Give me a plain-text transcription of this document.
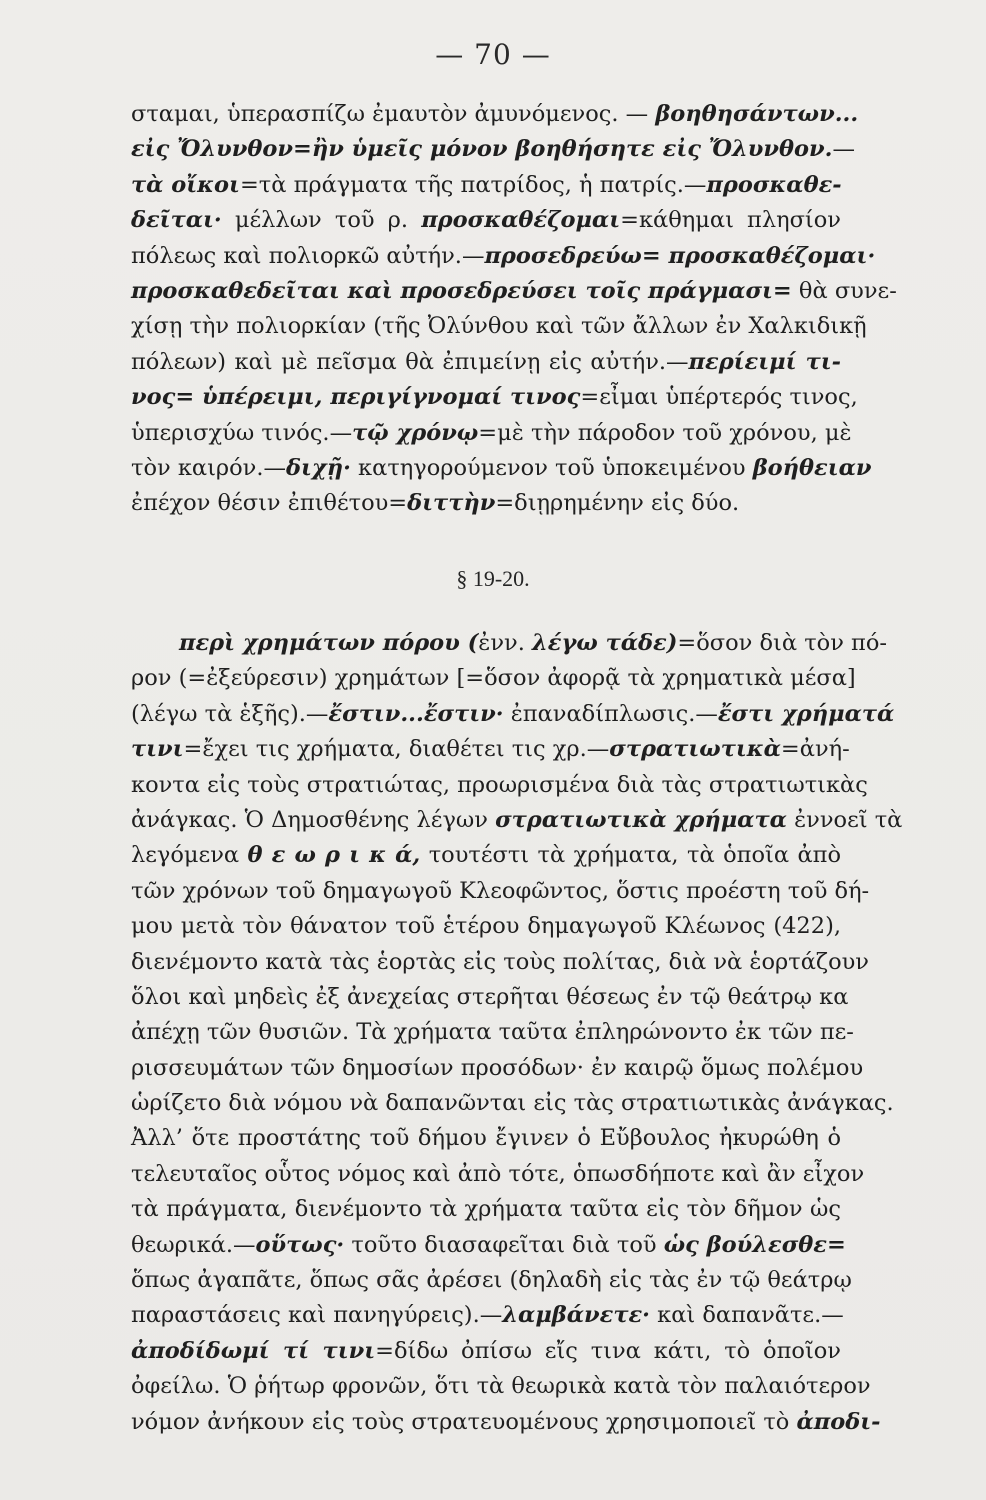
— 70 —
σταμαι, ὑπερασπίζω ἐμαυτὸν ἀμυνόμενος. — βοηθησάντων...
εἰς Ὄλυνθον=ἢν ὑμεῖς μόνον βοηθήσητε εἰς Ὄλυνθον.—
τὰ οἴκοι=τὰ πράγματα τῆς πατρίδος, ἡ πατρίς.—προσκαθε-
δεῖται· μέλλων τοῦ ρ. προσκαθέζομαι=κάθημαι πλησίον
πόλεως καὶ πολιορκῶ αὐτήν.—προσεδρεύω= προσκαθέζομαι·
προσκαθεδεῖται καὶ προσεδρεύσει τοῖς πράγμασι= θὰ συνε-
χίσῃ τὴν πολιορκίαν (τῆς Ὀλύνθου καὶ τῶν ἄλλων ἐν Χαλκιδικῇ
πόλεων) καὶ μὲ πεῖσμα θὰ ἐπιμείνῃ εἰς αὐτήν.—περίειμί τι-
νος= ὑπέρειμι, περιγίγνομαί τινος=εἶμαι ὑπέρτερός τινος,
ὑπερισχύω τινός.—τῷ χρόνῳ=μὲ τὴν πάροδον τοῦ χρόνου, μὲ
τὸν καιρόν.—διχῇ· κατηγορούμενον τοῦ ὑποκειμένου βοήθειαν
ἐπέχον θέσιν ἐπιθέτου=διττὴν=διῃρημένην εἰς δύο.
§ 19-20.
περὶ χρημάτων πόρου (ἐνν. λέγω τάδε)=ὅσον διὰ τὸν πό-
ρον (=ἐξεύρεσιν) χρημάτων [=ὅσον ἀφορᾷ τὰ χρηματικὰ μέσα]
(λέγω τὰ ἑξῆς).—ἔστιν...ἔστιν· ἐπαναδίπλωσις.—ἔστι χρήματά
τινι=ἔχει τις χρήματα, διαθέτει τις χρ.—στρατιωτικὰ=ἀνή-
κοντα εἰς τοὺς στρατιώτας, προωρισμένα διὰ τὰς στρατιωτικὰς
ἀνάγκας. Ὁ Δημοσθένης λέγων στρατιωτικὰ χρήματα ἐννοεῖ τὰ
λεγόμενα θ ε ω ρ ι κ ά, τουτέστι τὰ χρήματα, τὰ ὁποῖα ἀπὸ
τῶν χρόνων τοῦ δημαγωγοῦ Κλεοφῶντος, ὅστις προέστη τοῦ δή-
μου μετὰ τὸν θάνατον τοῦ ἑτέρου δημαγωγοῦ Κλέωνος (422),
διενέμοντο κατὰ τὰς ἑορτὰς εἰς τοὺς πολίτας, διὰ νὰ ἑορτάζουν
ὅλοι καὶ μηδεὶς ἐξ ἀνεχείας στερῆται θέσεως ἐν τῷ θεάτρῳ κα
ἀπέχῃ τῶν θυσιῶν. Τὰ χρήματα ταῦτα ἐπληρώνοντο ἐκ τῶν πε-
ρισσευμάτων τῶν δημοσίων προσόδων· ἐν καιρῷ ὅμως πολέμου
ὡρίζετο διὰ νόμου νὰ δαπανῶνται εἰς τὰς στρατιωτικὰς ἀνάγκας.
Ἀλλ’ ὅτε προστάτης τοῦ δήμου ἔγινεν ὁ Εὔβουλος ἠκυρώθη ὁ
τελευταῖος οὗτος νόμος καὶ ἀπὸ τότε, ὁπωσδήποτε καὶ ἂν εἶχον
τὰ πράγματα, διενέμοντο τὰ χρήματα ταῦτα εἰς τὸν δῆμον ὡς
θεωρικά.—οὕτως· τοῦτο διασαφεῖται διὰ τοῦ ὡς βούλεσθε=
ὅπως ἀγαπᾶτε, ὅπως σᾶς ἀρέσει (δηλαδὴ εἰς τὰς ἐν τῷ θεάτρῳ
παραστάσεις καὶ πανηγύρεις).—λαμβάνετε· καὶ δαπανᾶτε.—
ἀποδίδωμί τί τινι=δίδω ὀπίσω εἴς τινα κάτι, τὸ ὁποῖον
ὀφείλω. Ὁ ῥήτωρ φρονῶν, ὅτι τὰ θεωρικὰ κατὰ τὸν παλαιότερον
νόμον ἀνήκουν εἰς τοὺς στρατευομένους χρησιμοποιεῖ τὸ ἀποδι-
